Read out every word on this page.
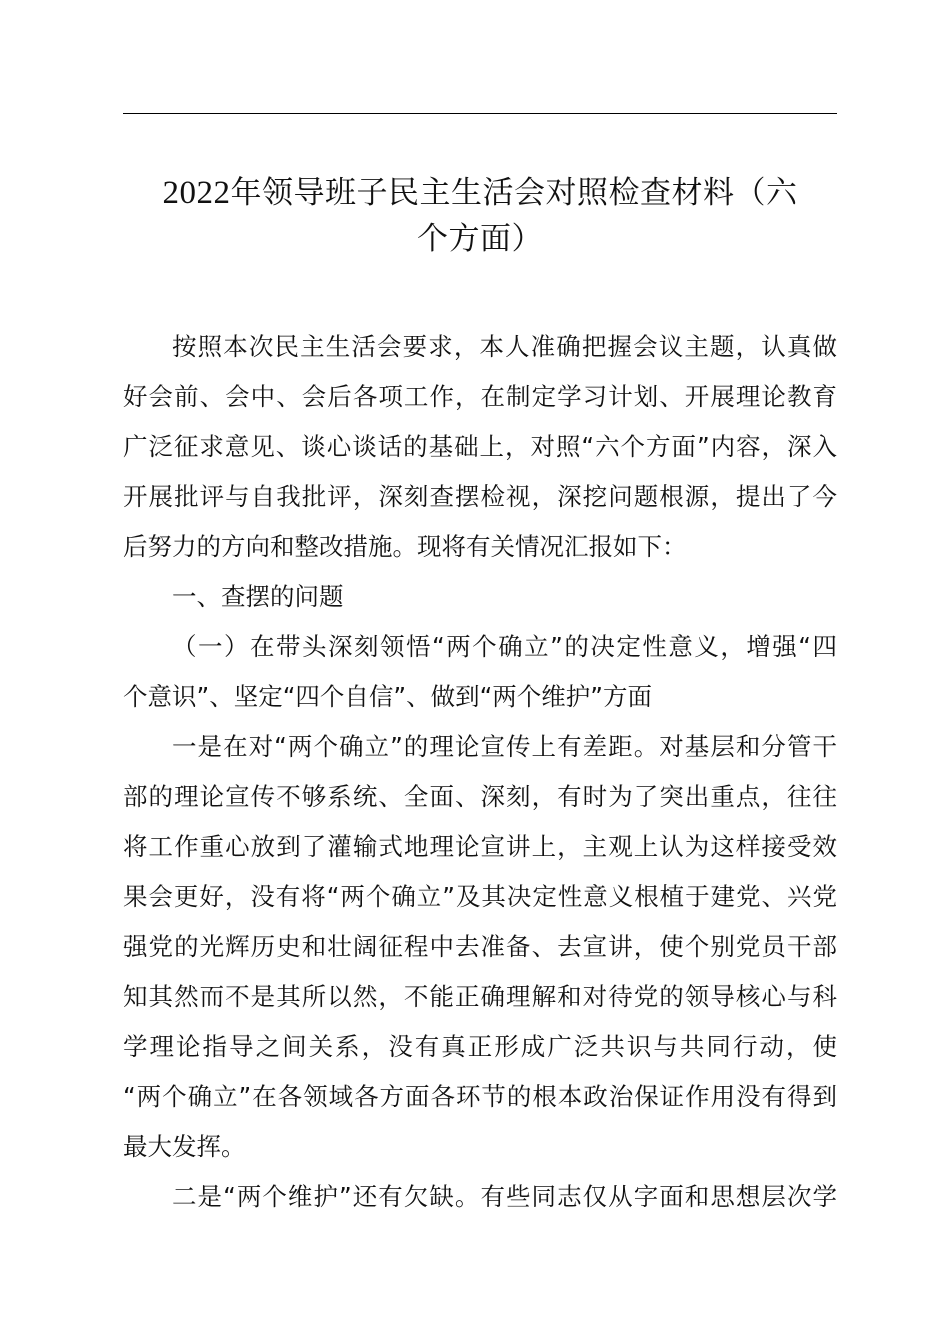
2022年领导班子民主生活会对照检查材料（六
个方面）
按照本次民主生活会要求，本人准确把握会议主题，认真做
好会前、会中、会后各项工作，在制定学习计划、开展理论教育
广泛征求意见、谈心谈话的基础上，对照“六个方面”内容，深入
开展批评与自我批评，深刻查摆检视，深挖问题根源，提出了今
后努力的方向和整改措施。现将有关情况汇报如下：
一、查摆的问题
（一）在带头深刻领悟“两个确立”的决定性意义，增强“四
个意识”、坚定“四个自信”、做到“两个维护”方面
一是在对“两个确立”的理论宣传上有差距。对基层和分管干
部的理论宣传不够系统、全面、深刻，有时为了突出重点，往往
将工作重心放到了灌输式地理论宣讲上，主观上认为这样接受效
果会更好，没有将“两个确立”及其决定性意义根植于建党、兴党
强党的光辉历史和壮阔征程中去准备、去宣讲，使个别党员干部
知其然而不是其所以然，不能正确理解和对待党的领导核心与科
学理论指导之间关系，没有真正形成广泛共识与共同行动，使
“两个确立”在各领域各方面各环节的根本政治保证作用没有得到
最大发挥。
二是“两个维护”还有欠缺。有些同志仅从字面和思想层次学
